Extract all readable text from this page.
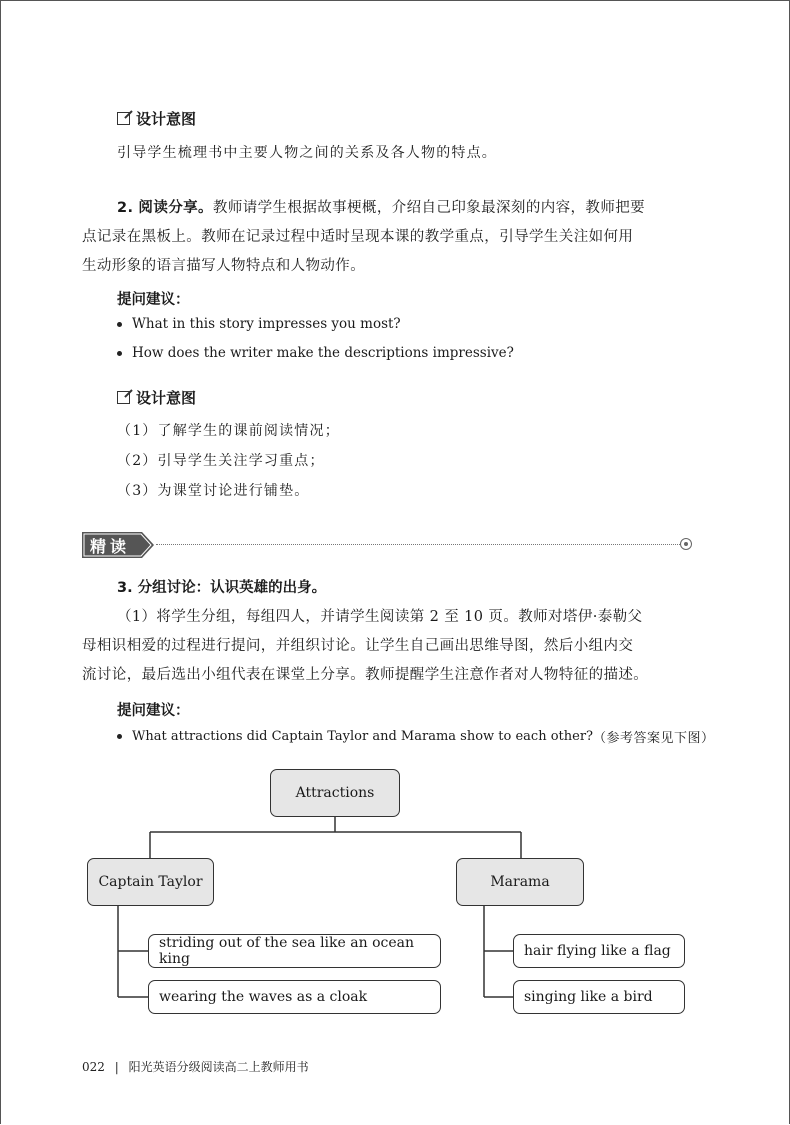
设计意图
引导学生梳理书中主要人物之间的关系及各人物的特点。
2. 阅读分享。教师请学生根据故事梗概，介绍自己印象最深刻的内容，教师把要
点记录在黑板上。教师在记录过程中适时呈现本课的教学重点，引导学生关注如何用
生动形象的语言描写人物特点和人物动作。
提问建议：
What in this story impresses you most?
How does the writer make the descriptions impressive?
设计意图
（1）了解学生的课前阅读情况；
（2）引导学生关注学习重点；
（3）为课堂讨论进行铺垫。
精读
3. 分组讨论：认识英雄的出身。
（1）将学生分组，每组四人，并请学生阅读第 2 至 10 页。教师对塔伊·泰勒父
母相识相爱的过程进行提问，并组织讨论。让学生自己画出思维导图，然后小组内交
流讨论，最后选出小组代表在课堂上分享。教师提醒学生注意作者对人物特征的描述。
提问建议：
What attractions did Captain Taylor and Marama show to each other? （参考答案见下图）
Attractions
Captain Taylor	Marama
striding out of the sea like an ocean king
wearing the waves as a cloak
hair flying like a flag
singing like a bird
022 | 阳光英语分级阅读高二上教师用书
